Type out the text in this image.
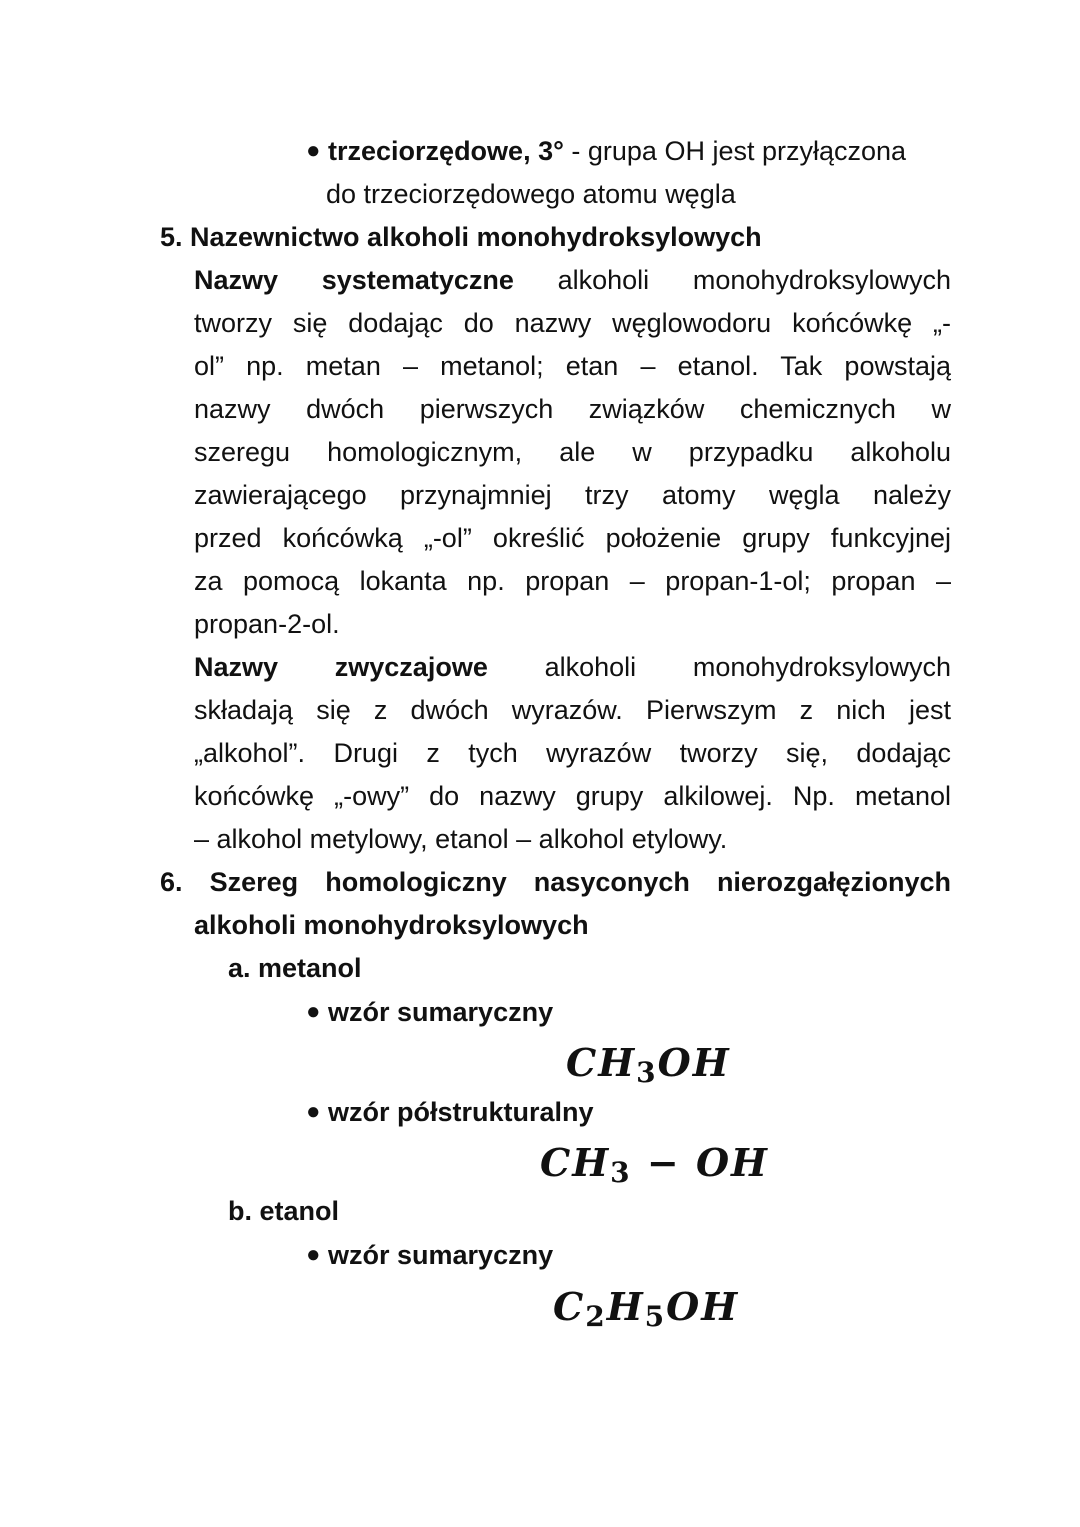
● trzeciorzędowe, 3° - grupa OH jest przyłączona
do trzeciorzędowego atomu węgla
5. Nazewnictwo alkoholi monohydroksylowych
Nazwy systematyczne alkoholi monohydroksylowych
tworzy się dodając do nazwy węglowodoru końcówkę „-
ol” np. metan – metanol; etan – etanol. Tak powstają
nazwy dwóch pierwszych związków chemicznych w
szeregu homologicznym, ale w przypadku alkoholu
zawierającego przynajmniej trzy atomy węgla należy
przed końcówką „-ol” określić położenie grupy funkcyjnej
za pomocą lokanta np. propan – propan-1-ol; propan –
propan-2-ol.
Nazwy zwyczajowe alkoholi monohydroksylowych
składają się z dwóch wyrazów. Pierwszym z nich jest
„alkohol”. Drugi z tych wyrazów tworzy się, dodając
końcówkę „-owy” do nazwy grupy alkilowej. Np. metanol
– alkohol metylowy, etanol – alkohol etylowy.
6. Szereg homologiczny nasyconych nierozgałęzionych
alkoholi monohydroksylowych
a. metanol
● wzór sumaryczny
$CH_3OH$
● wzór półstrukturalny
$CH_3$ − OH
b. etanol
● wzór sumaryczny
$C_2H_5OH$
